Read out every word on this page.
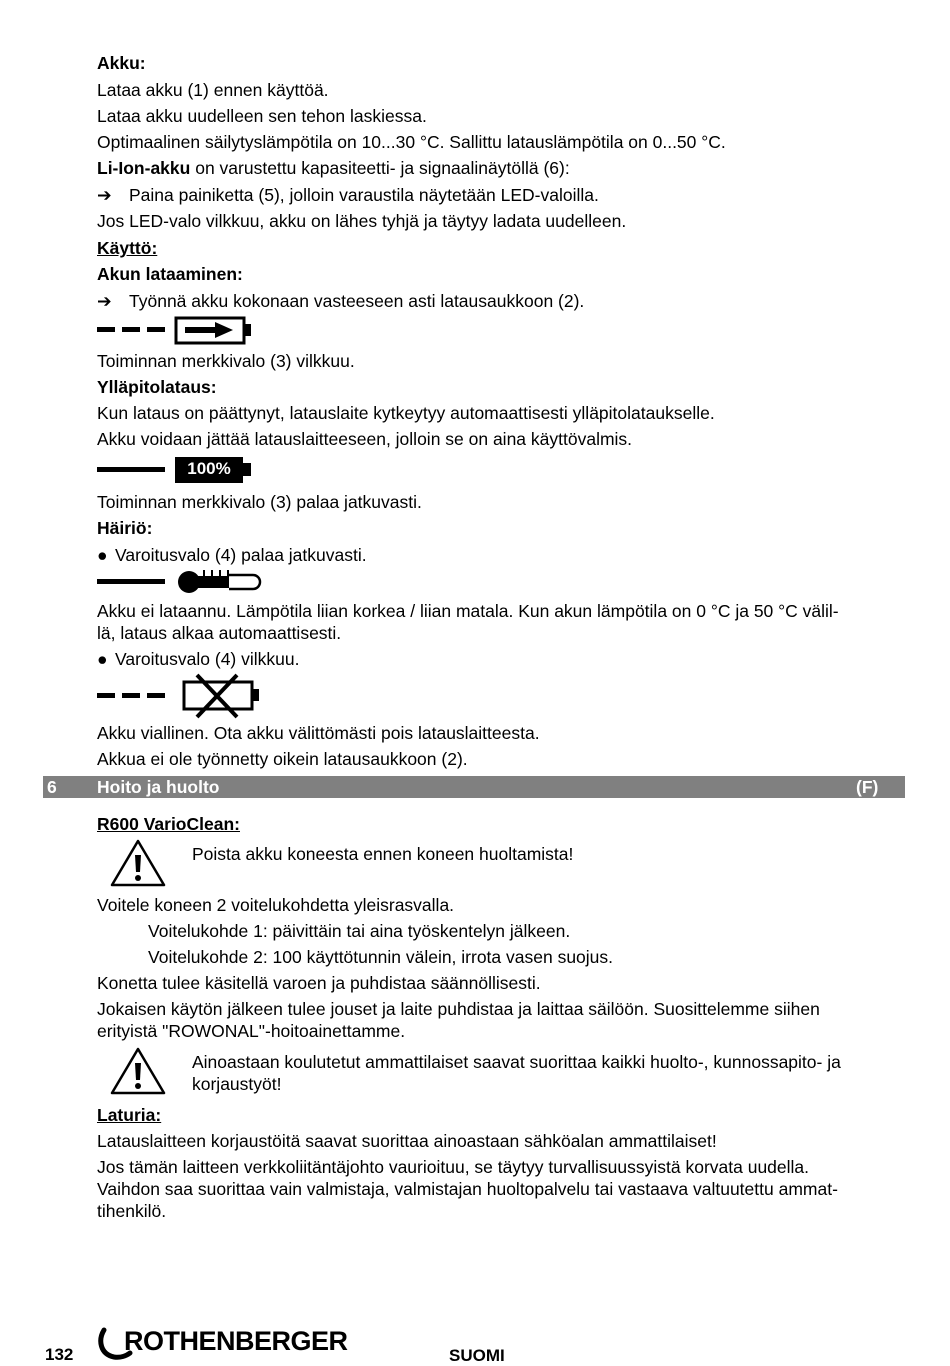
Akku:
Lataa akku (1) ennen käyttöä.
Lataa akku uudelleen sen tehon laskiessa.
Optimaalinen säilytyslämpötila on 10...30 °C. Sallittu latauslämpötila on 0...50 °C.
Li-Ion-akku on varustettu kapasiteetti- ja signaalinäytöllä (6):
➔ Paina painiketta (5), jolloin varaustila näytetään LED-valoilla.
Jos LED-valo vilkkuu, akku on lähes tyhjä ja täytyy ladata uudelleen.
Käyttö:
Akun lataaminen:
➔ Työnnä akku kokonaan vasteeseen asti latausaukkoon (2).
Toiminnan merkkivalo (3) vilkkuu.
Ylläpitolataus:
Kun lataus on päättynyt, latauslaite kytkeytyy automaattisesti ylläpitolataukselle.
Akku voidaan jättää latauslaitteeseen, jolloin se on aina käyttövalmis.
100%
Toiminnan merkkivalo (3) palaa jatkuvasti.
Häiriö:
● Varoitusvalo (4) palaa jatkuvasti.
Akku ei lataannu. Lämpötila liian korkea / liian matala. Kun akun lämpötila on 0 °C ja 50 °C välil-
lä, lataus alkaa automaattisesti.
● Varoitusvalo (4) vilkkuu.
Akku viallinen. Ota akku välittömästi pois latauslaitteesta.
Akkua ei ole työnnetty oikein latausaukkoon (2).
6 Hoito ja huolto	(F)
R600 VarioClean:
Poista akku koneesta ennen koneen huoltamista!
Voitele koneen 2 voitelukohdetta yleisrasvalla.
Voitelukohde 1: päivittäin tai aina työskentelyn jälkeen.
Voitelukohde 2: 100 käyttötunnin välein, irrota vasen suojus.
Konetta tulee käsitellä varoen ja puhdistaa säännöllisesti.
Jokaisen käytön jälkeen tulee jouset ja laite puhdistaa ja laittaa säilöön. Suosittelemme siihen
erityistä "ROWONAL"-hoitoainettamme.
Ainoastaan koulutetut ammattilaiset saavat suorittaa kaikki huolto-, kunnossapito- ja
korjaustyöt!
Laturia:
Latauslaitteen korjaustöitä saavat suorittaa ainoastaan sähköalan ammattilaiset!
Jos tämän laitteen verkkoliitäntäjohto vaurioituu, se täytyy turvallisuussyistä korvata uudella.
Vaihdon saa suorittaa vain valmistaja, valmistajan huoltopalvelu tai vastaava valtuutettu ammat-
tihenkilö.
132 ROTHENBERGER	SUOMI
